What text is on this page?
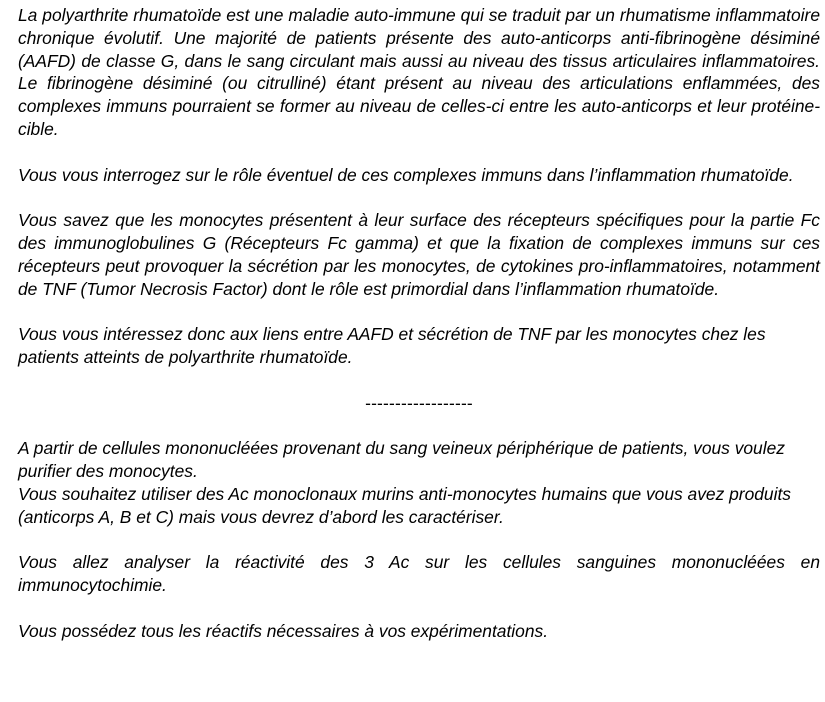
La polyarthrite rhumatoïde est une maladie auto-immune qui se traduit par un rhumatisme inflammatoire chronique évolutif. Une majorité de patients présente des auto-anticorps anti-fibrinogène désiminé (AAFD) de classe G, dans le sang circulant mais aussi au niveau des tissus articulaires inflammatoires. Le fibrinogène désiminé (ou citrulliné) étant présent au niveau des articulations enflammées, des complexes immuns pourraient se former au niveau de celles-ci entre les auto-anticorps et leur protéine-cible.

Vous vous interrogez sur le rôle éventuel de ces complexes immuns dans l’inflammation rhumatoïde.

Vous savez que les monocytes présentent à leur surface des récepteurs spécifiques pour la partie Fc des immunoglobulines G (Récepteurs Fc gamma) et que la fixation de complexes immuns sur ces récepteurs peut provoquer la sécrétion par les monocytes, de cytokines pro-inflammatoires, notamment de TNF (Tumor Necrosis Factor) dont le rôle est primordial dans l’inflammation rhumatoïde.

Vous vous intéressez donc aux liens entre AAFD et sécrétion de TNF par les monocytes chez les patients atteints de polyarthrite rhumatoïde.

------------------

A partir de cellules mononucléées provenant du sang veineux périphérique de patients, vous voulez purifier des monocytes.

Vous souhaitez utiliser des Ac monoclonaux murins anti-monocytes humains que vous avez produits (anticorps A, B et C) mais vous devrez d’abord les caractériser.

Vous allez analyser la réactivité des 3 Ac sur les cellules sanguines mononucléées en immunocytochimie.

Vous possédez tous les réactifs nécessaires à vos expérimentations.
